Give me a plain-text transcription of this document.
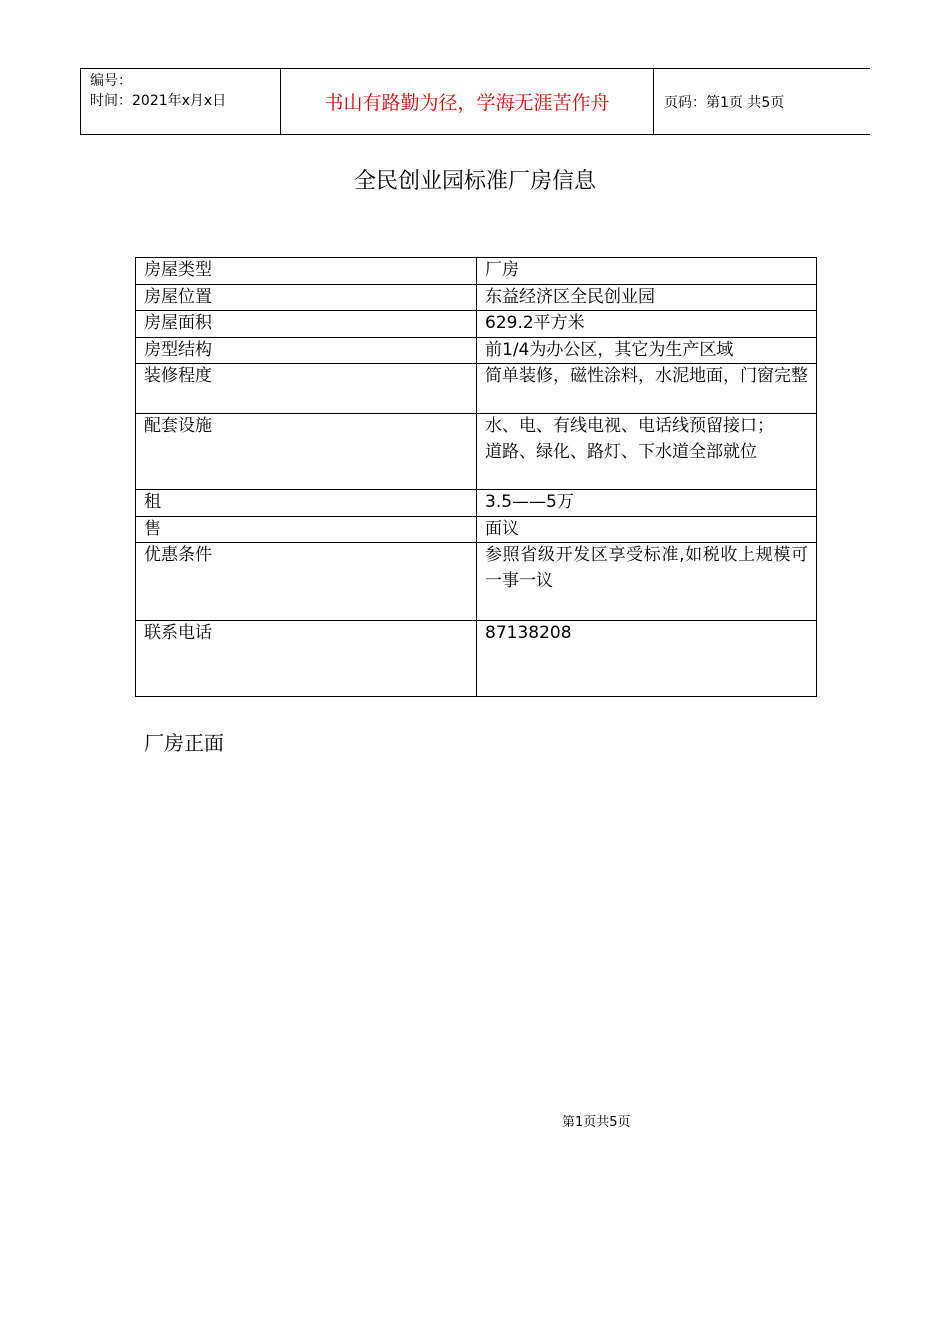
编号：
时间：2021年x月x日	书山有路勤为径，学海无涯苦作舟	页码：第1页 共5页
全民创业园标准厂房信息
房屋类型	厂房
房屋位置	东益经济区全民创业园
房屋面积	629.2平方米
房型结构	前1/4为办公区，其它为生产区域
装修程度	简单装修，磁性涂料，水泥地面，门窗完整
配套设施	水、电、有线电视、电话线预留接口；
道路、绿化、路灯、下水道全部就位

租	3.5——5万
售	面议
优惠条件	参照省级开发区享受标准,如税收上规模可一事一议
联系电话	87138208
厂房正面
第1页共5页
